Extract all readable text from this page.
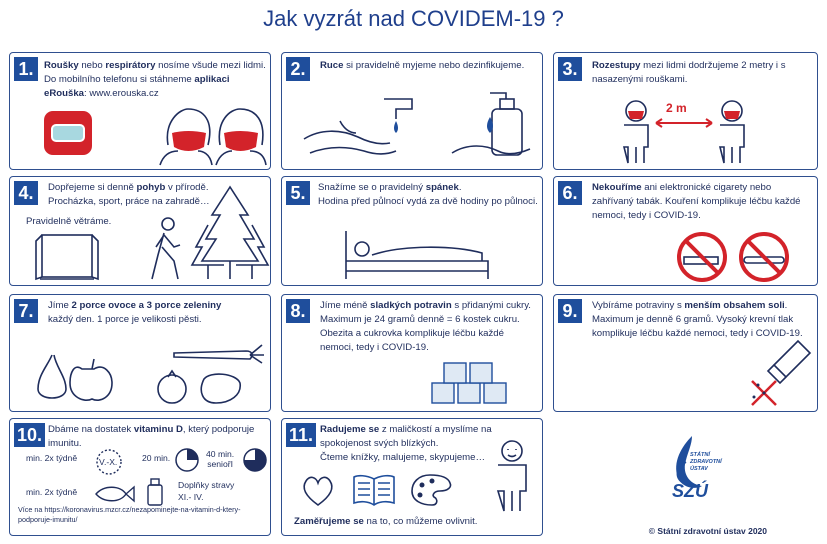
Jak vyzrát nad COVIDEM-19 ?
1.	Roušky nebo respirátory nosíme všude mezi lidmi. Do mobilního telefonu si stáhneme aplikaci eRouška: www.erouska.cz
2.	Ruce si pravidelně myjeme nebo dezinfikujeme.	3.	Rozestupy mezi lidmi dodržujeme 2 metry i s nasazenými rouškami.
2 m
4.	Dopřejeme si denně pohyb v přírodě.
Procházka, sport, práce na zahradě…
Pravidelně větráme.
5.	Snažíme se o pravidelný spánek.
Hodina před půlnocí vydá za dvě hodiny po půlnoci. 6.	Nekouříme ani elektronické cigarety nebo zahřívaný tabák. Kouření komplikuje léčbu každé nemoci, tedy i COVID-19.
7.	Jíme 2 porce ovoce a 3 porce zeleniny
každý den. 1 porce je velikosti pěsti.	8.	Jíme méně sladkých potravin s přidanými cukry. Maximum je 24 gramů denně = 6 kostek cukru. Obezita a cukrovka komplikuje léčbu každé nemoci, tedy i COVID-19.
9.	Vybíráme potraviny s menším obsahem soli.
Maximum je denně 6 gramů. Vysoký krevní tlak komplikuje léčbu každé nemoci, tedy i COVID-19.
10. Dbáme na dostatek vitaminu D, který podporuje imunitu.
min. 2x týdně	V.-X.	20 min.	40 min.
seniořI
min. 2x týdně
Doplňky stravy
XI.- IV.
Více na https://koronavirus.mzcr.cz/nezapominejte-na-vitamin-d-ktery-podporuje-imunitu/
11. Radujeme se z maličkostí a myslíme na spokojenost svých blízkých.
Čteme knížky, malujeme, skypujeme…
Zaměřujeme se na to, co můžeme ovlivnit.
STÁTNÍ
ZDRAVOTNÍ
ÚSTAV
SZÚ
© Státní zdravotní ústav 2020
